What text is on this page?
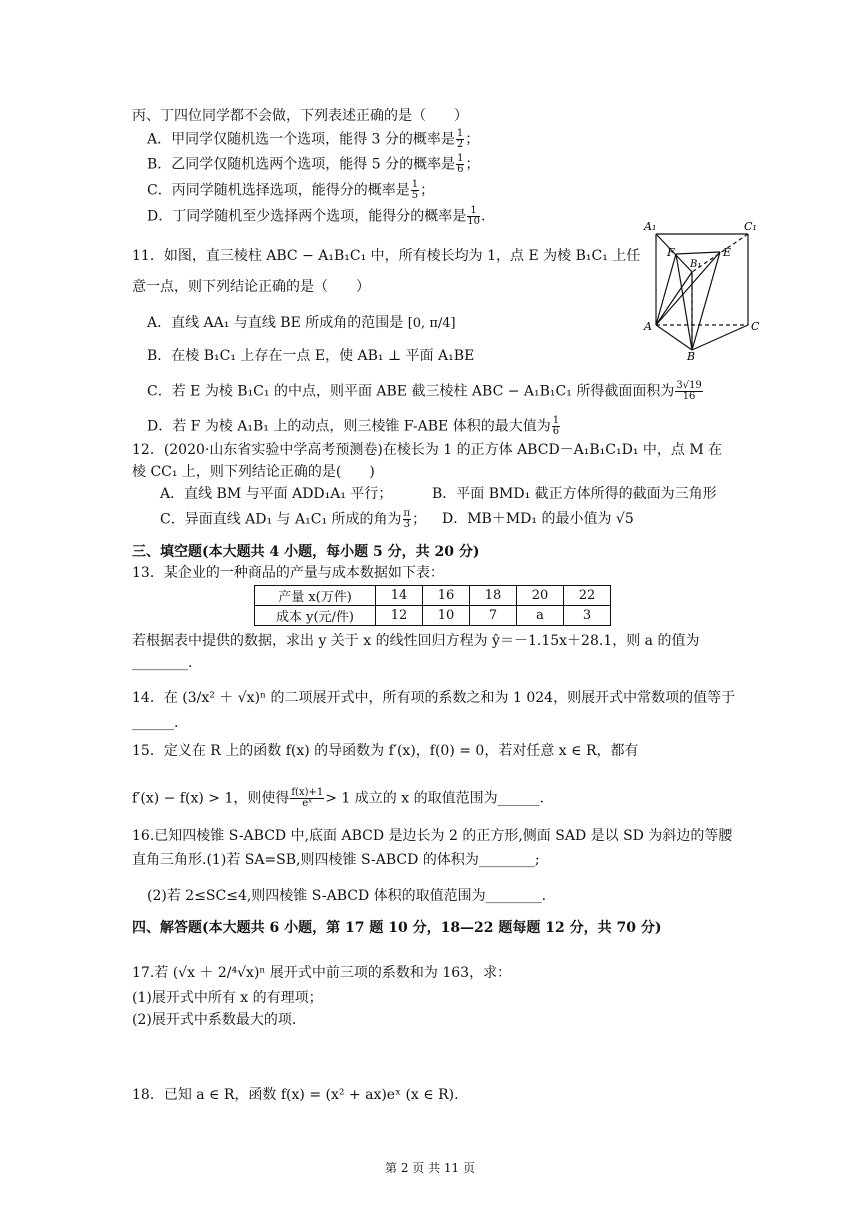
丙、丁四位同学都不会做，下列表述正确的是（　　）
A．甲同学仅随机选一个选项，能得 3 分的概率是 $\frac{1}{2}$ ；
B．乙同学仅随机选两个选项，能得 5 分的概率是 $\frac{1}{6}$ ；
C．丙同学随机选择选项，能得分的概率是 $\frac{1}{5}$ ；
D．丁同学随机至少选择两个选项，能得分的概率是 $\frac{1}{10}$ .
11．如图，直三棱柱 ABC − A₁B₁C₁ 中，所有棱长均为 1，点 E 为棱 B₁C₁ 上任
意一点，则下列结论正确的是（　　）
A．直线 AA₁ 与直线 BE 所成角的范围是 [0, π/4]
B．在棱 B₁C₁ 上存在一点 E，使 AB₁ ⊥ 平面 A₁BE
C．若 E 为棱 B₁C₁ 的中点，则平面 ABE 截三棱柱 ABC − A₁B₁C₁ 所得截面面积为 $\frac{3√19}{16}$
D．若 F 为棱 A₁B₁ 上的动点，则三棱锥 F-ABE 体积的最大值为 $\frac{1}{6}$
A₁	C₁
F	E
B₁
A	C
B
12．(2020·山东省实验中学高考预测卷)在棱长为 1 的正方体 ABCD－A₁B₁C₁D₁ 中，点 M 在
棱 CC₁ 上，则下列结论正确的是(　　)
A．直线 BM 与平面 ADD₁A₁ 平行；	B．平面 BMD₁ 截正方体所得的截面为三角形
C．异面直线 AD₁ 与 A₁C₁ 所成的角为 $\frac{\pi}{3}$ ； D．MB＋MD₁ 的最小值为 √5
三、填空题(本大题共 4 小题，每小题 5 分，共 20 分)
13．某企业的一种商品的产量与成本数据如下表：
产量 x(万件)	14	16	18	20	22
成本 y(元/件)	12	10	7	a	3
若根据表中提供的数据，求出 y 关于 x 的线性回归方程为 ŷ＝－1.15x＋28.1，则 a 的值为
________.
14．在 (3/x² ＋ √x)ⁿ 的二项展开式中，所有项的系数之和为 1 024，则展开式中常数项的值等于
______.
15．定义在 R 上的函数 f(x) 的导函数为 f′(x)，f(0) = 0，若对任意 x ∈ R，都有
f′(x) − f(x) > 1，则使得 $\frac{f(x)+1}{\text{eˣ}} > 1$ 成立的 x 的取值范围为______.
16.已知四棱锥 S-ABCD 中,底面 ABCD 是边长为 2 的正方形,侧面 SAD 是以 SD 为斜边的等腰
直角三角形.(1)若 SA=SB,则四棱锥 S-ABCD 的体积为________;
(2)若 2≤SC≤4,则四棱锥 S-ABCD 体积的取值范围为________.
四、解答题(本大题共 6 小题，第 17 题 10 分，18—22 题每题 12 分，共 70 分)
17.若 (√x ＋ 2/⁴√x)ⁿ 展开式中前三项的系数和为 163，求：
(1)展开式中所有 x 的有理项；
(2)展开式中系数最大的项.
18．已知 a ∈ R，函数 f(x) = (x² + ax)eˣ (x ∈ R).
第 2 页 共 11 页
